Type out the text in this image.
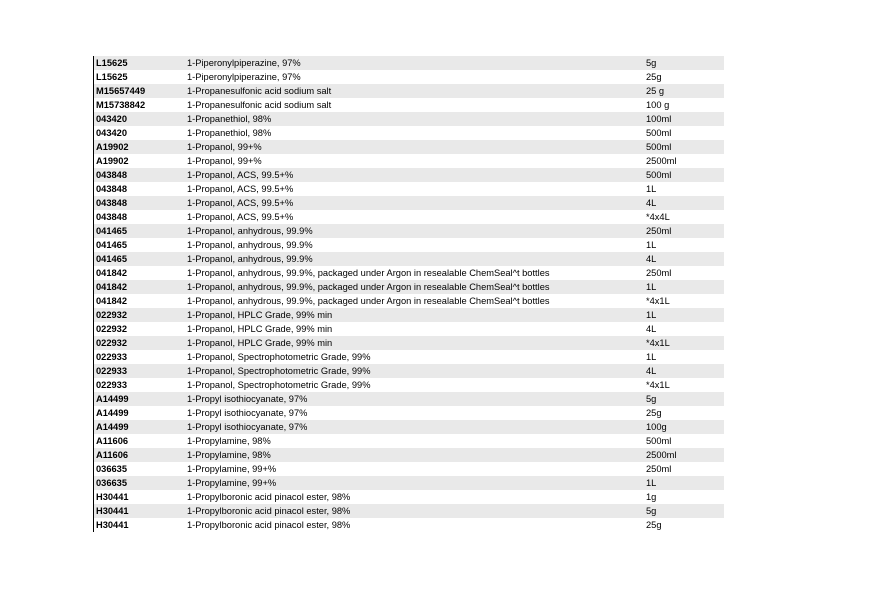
L15625	1-Piperonylpiperazine, 97%	5g
L15625	1-Piperonylpiperazine, 97%	25g
M15657449	1-Propanesulfonic acid sodium salt	25 g
M15738842	1-Propanesulfonic acid sodium salt	100 g
043420	1-Propanethiol, 98%	100ml
043420	1-Propanethiol, 98%	500ml
A19902	1-Propanol, 99+%	500ml
A19902	1-Propanol, 99+%	2500ml
043848	1-Propanol, ACS, 99.5+%	500ml
043848	1-Propanol, ACS, 99.5+%	1L
043848	1-Propanol, ACS, 99.5+%	4L
043848	1-Propanol, ACS, 99.5+%	*4x4L
041465	1-Propanol, anhydrous, 99.9%	250ml
041465	1-Propanol, anhydrous, 99.9%	1L
041465	1-Propanol, anhydrous, 99.9%	4L
041842	1-Propanol, anhydrous, 99.9%, packaged under Argon in resealable ChemSeal^t bottles	250ml
041842	1-Propanol, anhydrous, 99.9%, packaged under Argon in resealable ChemSeal^t bottles	1L
041842	1-Propanol, anhydrous, 99.9%, packaged under Argon in resealable ChemSeal^t bottles	*4x1L
022932	1-Propanol, HPLC Grade, 99% min	1L
022932	1-Propanol, HPLC Grade, 99% min	4L
022932	1-Propanol, HPLC Grade, 99% min	*4x1L
022933	1-Propanol, Spectrophotometric Grade, 99%	1L
022933	1-Propanol, Spectrophotometric Grade, 99%	4L
022933	1-Propanol, Spectrophotometric Grade, 99%	*4x1L
A14499	1-Propyl isothiocyanate, 97%	5g
A14499	1-Propyl isothiocyanate, 97%	25g
A14499	1-Propyl isothiocyanate, 97%	100g
A11606	1-Propylamine, 98%	500ml
A11606	1-Propylamine, 98%	2500ml
036635	1-Propylamine, 99+%	250ml
036635	1-Propylamine, 99+%	1L
H30441	1-Propylboronic acid pinacol ester, 98%	1g
H30441	1-Propylboronic acid pinacol ester, 98%	5g
H30441	1-Propylboronic acid pinacol ester, 98%	25g
